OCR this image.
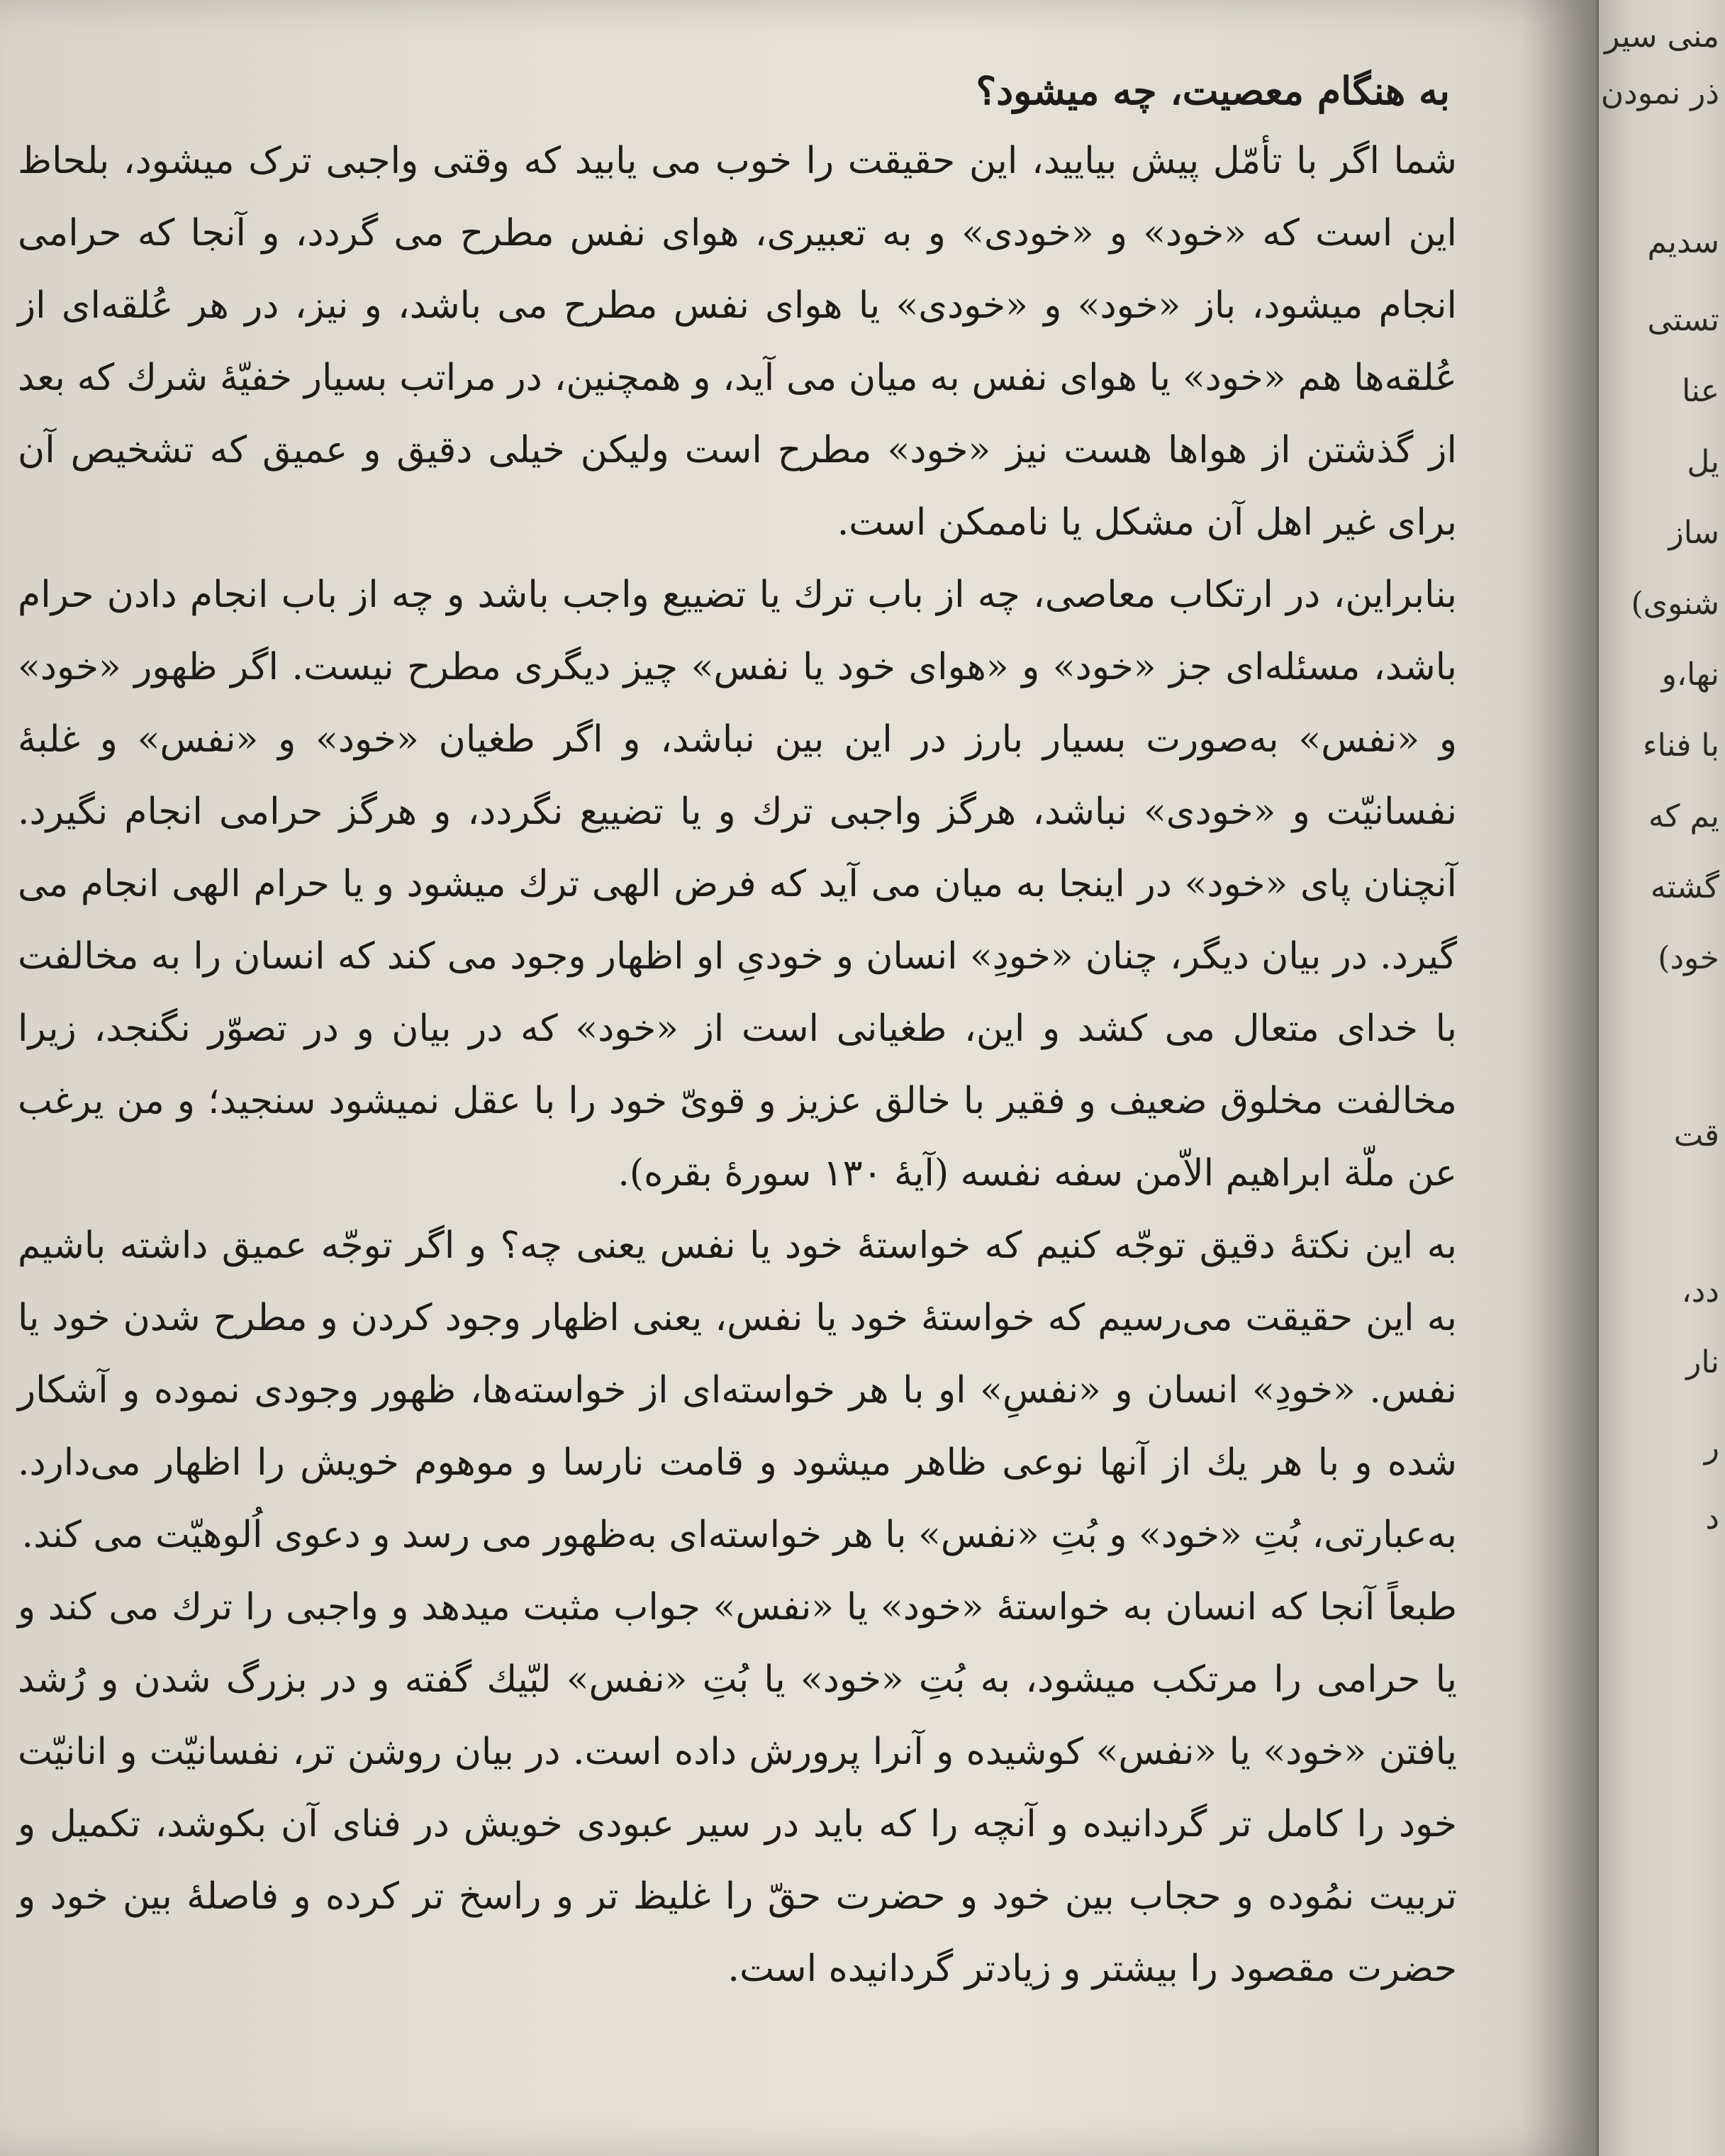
به هنگام معصیت، چه میشود؟

شما اگر با تأمّل پیش بیایید، این حقیقت را خوب می یابید که وقتی واجبی ترک میشود، بلحاظ این است که «خود» و «خودی» و به تعبیری، هوای نفس مطرح می گردد، و آنجا که حرامی انجام میشود، باز «خود» و «خودی» یا هوای نفس مطرح می باشد، و نیز، در هر عُلقه‌ای از عُلقه‌ها هم «خود» یا هوای نفس به میان می آید، و همچنین، در مراتب بسیار خفیّهٔ شرك كه بعد از گذشتن از هواها هست نیز «خود» مطرح است ولیکن خیلی دقیق و عمیق که تشخیص آن برای غیر اهل آن مشکل یا ناممکن است.

بنابراین، در ارتکاب معاصی، چه از باب ترك یا تضییع واجب باشد و چه از باب انجام دادن حرام باشد، مسئله‌ای جز «خود» و «هوای خود یا نفس» چیز دیگری مطرح نیست. اگر ظهور «خود» و «نفس» به‌صورت بسیار بارز در این بین نباشد، و اگر طغیان «خود» و «نفس» و غلبهٔ نفسانیّت و «خودی» نباشد، هرگز واجبی ترك و یا تضییع نگردد، و هرگز حرامی انجام نگیرد. آنچنان پای «خود» در اینجا به میان می آید که فرض الهی ترك میشود و یا حرام الهی انجام می گیرد. در بیان دیگر، چنان «خودِ» انسان و خودیِ او اظهار وجود می کند که انسان را به مخالفت با خدای متعال می کشد و این، طغیانی است از «خود» که در بیان و در تصوّر نگنجد، زیرا مخالفت مخلوق ضعیف و فقیر با خالق عزیز و قویّ خود را با عقل نمیشود سنجید؛ و من یرغب عن ملّة ابراهیم الاّمن سفه نفسه (آیهٔ ۱۳۰ سورهٔ بقره).

به این نکتهٔ دقیق توجّه کنیم که خواستهٔ خود یا نفس یعنی چه؟ و اگر توجّه عمیق داشته باشیم به این حقیقت می‌رسیم که خواستهٔ خود یا نفس، یعنی اظهار وجود کردن و مطرح شدن خود یا نفس. «خودِ» انسان و «نفسِ» او با هر خواسته‌ای از خواسته‌ها، ظهور وجودی نموده و آشکار شده و با هر یك از آنها نوعی ظاهر میشود و قامت نارسا و موهوم خویش را اظهار می‌دارد. به‌عبارتی، بُتِ «خود» و بُتِ «نفس» با هر خواسته‌ای به‌ظهور می رسد و دعوی اُلوهیّت می کند.

طبعاً آنجا که انسان به خواستهٔ «خود» یا «نفس» جواب مثبت میدهد و واجبی را ترك می کند و یا حرامی را مرتکب میشود، به بُتِ «خود» یا بُتِ «نفس» لبّیك گفته و در بزرگ شدن و رُشد یافتن «خود» یا «نفس» کوشیده و آنرا پرورش داده است. در بیان روشن تر، نفسانیّت و انانیّت خود را کامل تر گردانیده و آنچه را که باید در سیر عبودی خویش در فنای آن بکوشد، تکمیل و تربیت نمُوده و حجاب بین خود و حضرت حقّ را غلیظ تر و راسخ تر کرده و فاصلهٔ بین خود و حضرت مقصود را بیشتر و زیادتر گردانیده است.

منی سیر
ذر نمودن
سدیم
تستی
عنا
یل
ساز
شنوی)
نها،و
با فناء
یم که
گشته
خود)
قت
دد،
نار
ر
د
